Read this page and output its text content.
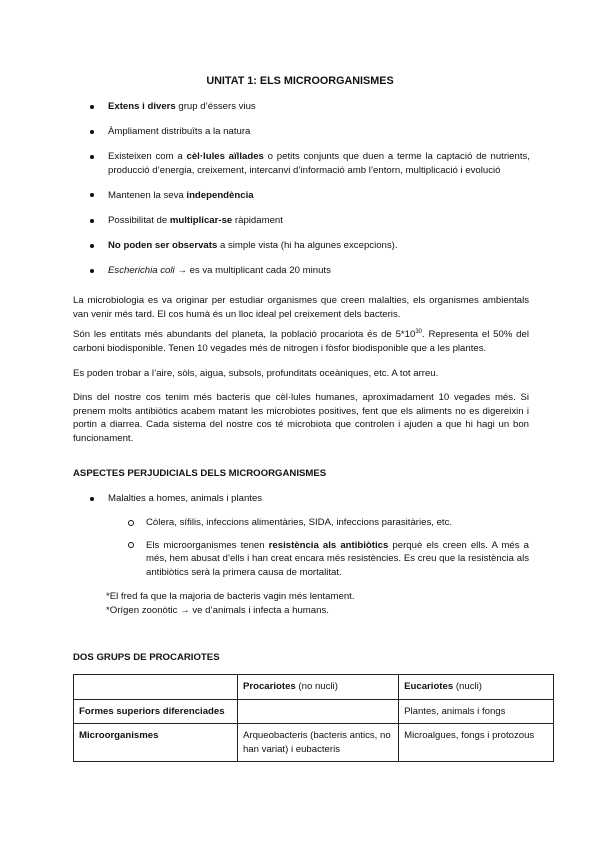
UNITAT 1: ELS MICROORGANISMES
Extens i divers grup d’éssers vius
Àmpliament distribuïts a la natura
Existeixen com a cèl·lules aïllades o petits conjunts que duen a terme la captació de nutrients, producció d’energia, creixement, intercanvi d’informació amb l’entorn, multiplicació i evolució
Mantenen la seva independència
Possibilitat de multiplicar-se ràpidament
No poden ser observats a simple vista (hi ha algunes excepcions).
Escherichia coli → es va multiplicant cada 20 minuts

La microbiologia es va originar per estudiar organismes que creen malalties, els organismes ambientals van venir més tard. El cos humà és un lloc ideal pel creixement dels bacteris.

Són les entitats més abundants del planeta, la població procariota és de $5*10^{30}$. Representa el 50% del carboni biodisponible. Tenen 10 vegades més de nitrogen i fòsfor biodisponible que a les plantes.

Es poden trobar a l’aire, sòls, aigua, subsols, profunditats oceàniques, etc. A tot arreu.

Dins del nostre cos tenim més bacteris que cèl·lules humanes, aproximadament 10 vegades més. Si prenem molts antibiòtics acabem matant les microbiotes positives, fent que els aliments no es digereixin i portin a diarrea. Cada sistema del nostre cos té microbiota que controlen i ajuden a que hi hagi un bon funcionament.

ASPECTES PERJUDICIALS DELS MICROORGANISMES
Malalties a homes, animals i plantes
Còlera, sífilis, infeccions alimentàries, SIDA, infeccions parasitàries, etc.
Els microorganismes tenen resistència als antibiòtics perquè els creen ells. A més a més, hem abusat d’ells i han creat encara més resistències. Es creu que la resistència als antibiòtics serà la primera causa de mortalitat.
*El fred fa que la majoria de bacteris vagin més lentament.
*Orígen zoonòtic → ve d’animals i infecta a humans.
DOS GRUPS DE PROCARIOTES
	Procariotes (no nucli)	Eucariotes (nucli)
Formes superiors diferenciades		Plantes, animals i fongs
Microorganismes	Arqueobacteris (bacteris antics, no han variat) i eubacteris	Microalgues, fongs i protozous
